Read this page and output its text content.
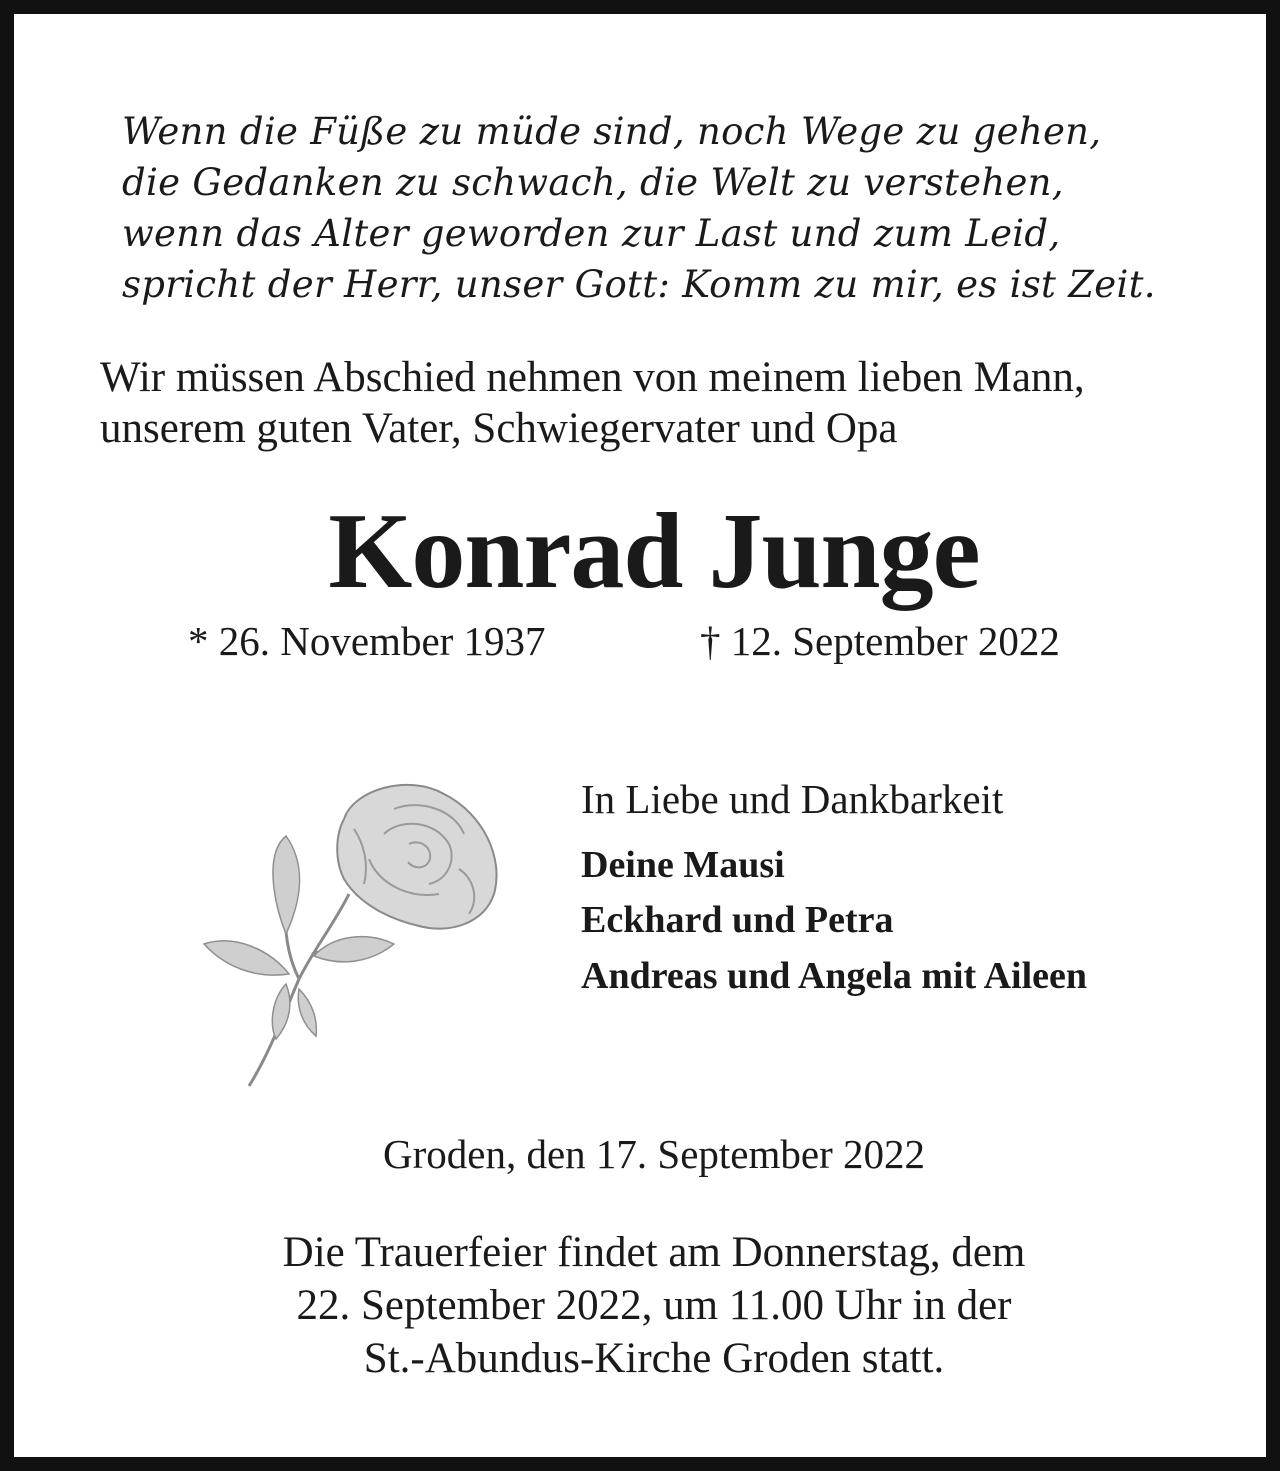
Wenn die Füße zu müde sind, noch Wege zu gehen,
die Gedanken zu schwach, die Welt zu verstehen,
wenn das Alter geworden zur Last und zum Leid,
spricht der Herr, unser Gott: Komm zu mir, es ist Zeit.
Wir müssen Abschied nehmen von meinem lieben Mann,
unserem guten Vater, Schwiegervater und Opa
Konrad Junge
* 26. November 1937	† 12. September 2022
In Liebe und Dankbarkeit
Deine Mausi
Eckhard und Petra
Andreas und Angela mit Aileen
Groden, den 17. September 2022
Die Trauerfeier findet am Donnerstag, dem
22. September 2022, um 11.00 Uhr in der
St.-Abundus-Kirche Groden statt.
